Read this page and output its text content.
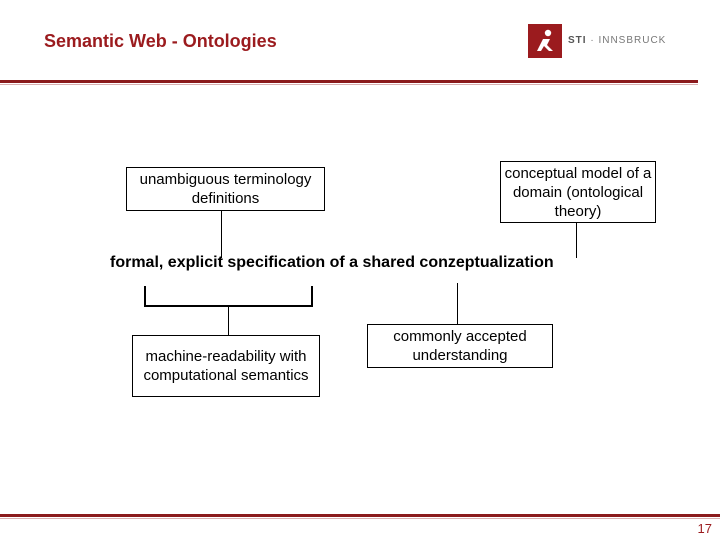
Semantic Web - Ontologies	STI · INNSBRUCK
unambiguous terminology definitions
conceptual model of a domain (ontological theory)
formal, explicit specification of a shared conzeptualization
machine-readability with computational semantics
commonly accepted understanding
17
